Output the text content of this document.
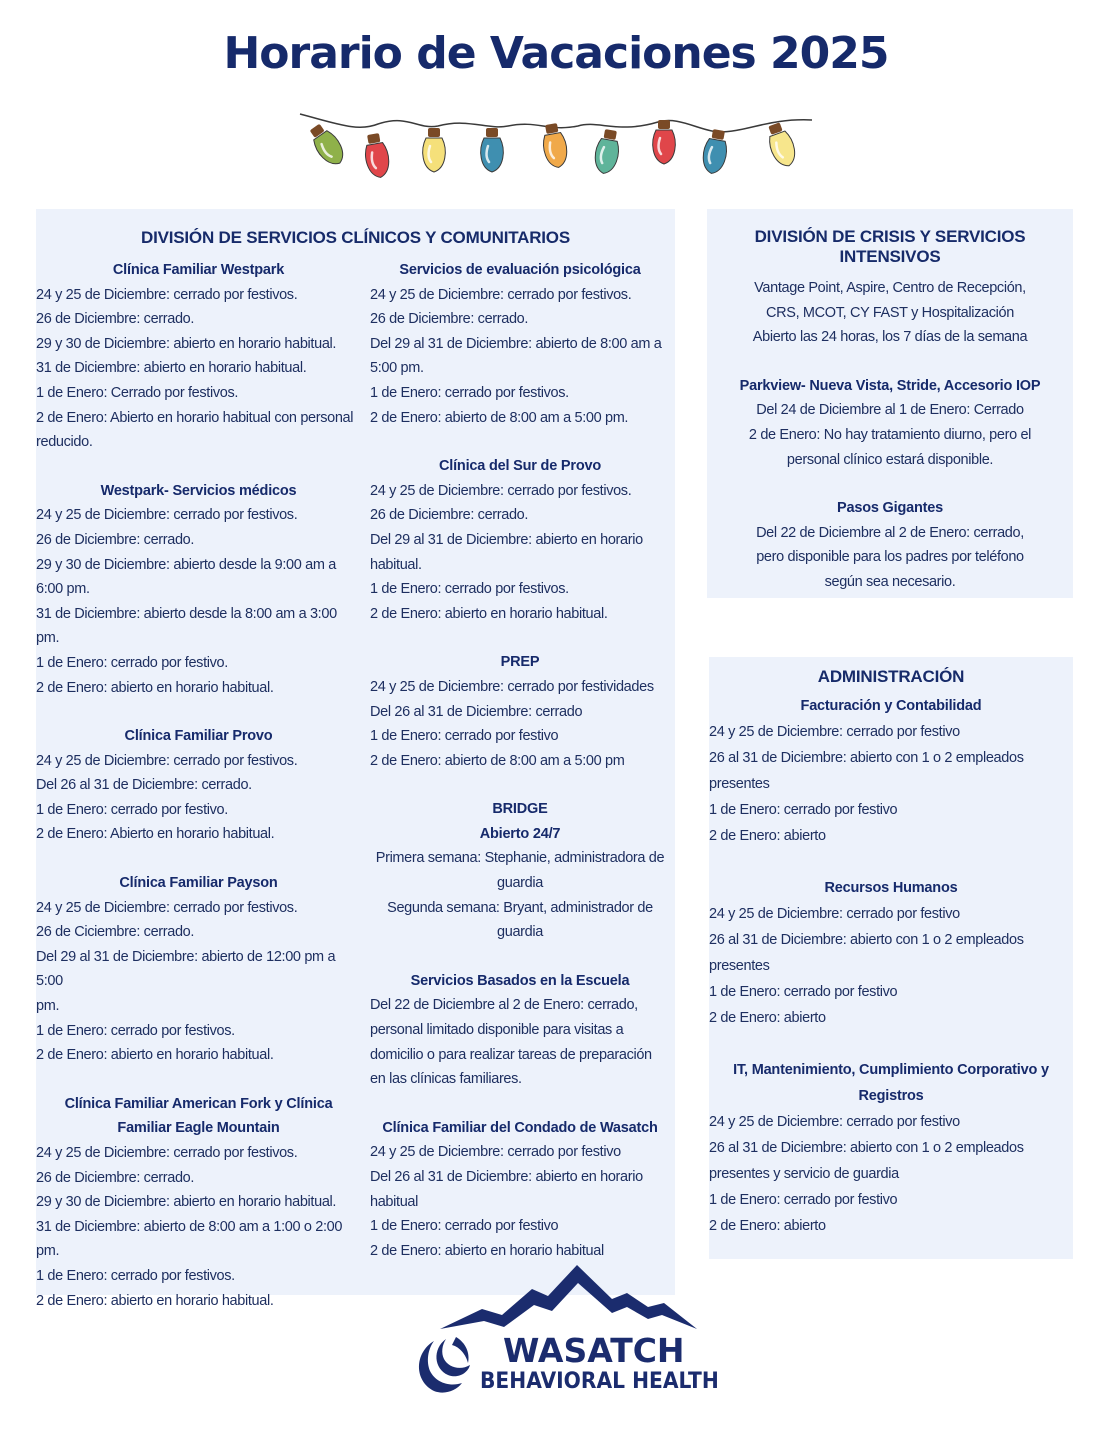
Horario de Vacaciones 2025
DIVISIÓN DE SERVICIOS CLÍNICOS Y COMUNITARIOS
Clínica Familiar Westpark
24 y 25 de Diciembre: cerrado por festivos.
26 de Diciembre: cerrado.
29 y 30 de Diciembre: abierto en horario habitual.
31 de Diciembre: abierto en horario habitual.
1 de Enero: Cerrado por festivos.
2 de Enero: Abierto en horario habitual con personal
reducido.
Westpark- Servicios médicos
24 y 25 de Diciembre: cerrado por festivos.
26 de Diciembre: cerrado.
29 y 30 de Diciembre: abierto desde la 9:00 am a
6:00 pm.
31 de Diciembre: abierto desde la 8:00 am a 3:00
pm.
1 de Enero: cerrado por festivo.
2 de Enero: abierto en horario habitual.
Clínica Familiar Provo
24 y 25 de Diciembre: cerrado por festivos.
Del 26 al 31 de Diciembre: cerrado.
1 de Enero: cerrado por festivo.
2 de Enero: Abierto en horario habitual.
Clínica Familiar Payson
24 y 25 de Diciembre: cerrado por festivos.
26 de Ciciembre: cerrado.
Del 29 al 31 de Diciembre: abierto de 12:00 pm a 5:00
pm.
1 de Enero: cerrado por festivos.
2 de Enero: abierto en horario habitual.
Clínica Familiar American Fork y Clínica Familiar Eagle Mountain
24 y 25 de Diciembre: cerrado por festivos.
26 de Diciembre: cerrado.
29 y 30 de Diciembre: abierto en horario habitual.
31 de Diciembre: abierto de 8:00 am a 1:00 o 2:00
pm.
1 de Enero: cerrado por festivos.
2 de Enero: abierto en horario habitual.
Servicios de evaluación psicológica
24 y 25 de Diciembre: cerrado por festivos.
26 de Diciembre: cerrado.
Del 29 al 31 de Diciembre: abierto de 8:00 am a
5:00 pm.
1 de Enero: cerrado por festivos.
2 de Enero: abierto de 8:00 am a 5:00 pm.
Clínica del Sur de Provo
24 y 25 de Diciembre: cerrado por festivos.
26 de Diciembre: cerrado.
Del 29 al 31 de Diciembre: abierto en horario
habitual.
1 de Enero: cerrado por festivos.
2 de Enero: abierto en horario habitual.
PREP
24 y 25 de Diciembre: cerrado por festividades
Del 26 al 31 de Diciembre: cerrado
1 de Enero: cerrado por festivo
2 de Enero: abierto de 8:00 am a 5:00 pm
BRIDGE
Abierto 24/7
Primera semana: Stephanie, administradora de
guardia
Segunda semana: Bryant, administrador de
guardia
Servicios Basados en la Escuela
Del 22 de Diciembre al 2 de Enero: cerrado,
personal limitado disponible para visitas a
domicilio o para realizar tareas de preparación
en las clínicas familiares.
Clínica Familiar del Condado de Wasatch
24 y 25 de Diciembre: cerrado por festivo
Del 26 al 31 de Diciembre: abierto en horario
habitual
1 de Enero: cerrado por festivo
2 de Enero: abierto en horario habitual
DIVISIÓN DE CRISIS Y SERVICIOS INTENSIVOS
Vantage Point, Aspire, Centro de Recepción,
CRS, MCOT, CY FAST y Hospitalización
Abierto las 24 horas, los 7 días de la semana
Parkview- Nueva Vista, Stride, Accesorio IOP
Del 24 de Diciembre al 1 de Enero: Cerrado
2 de Enero: No hay tratamiento diurno, pero el
personal clínico estará disponible.
Pasos Gigantes
Del 22 de Diciembre al 2 de Enero: cerrado,
pero disponible para los padres por teléfono
según sea necesario.
ADMINISTRACIÓN
Facturación y Contabilidad
24 y 25 de Diciembre: cerrado por festivo
26 al 31 de Diciembre: abierto con 1 o 2 empleados
presentes
1 de Enero: cerrado por festivo
2 de Enero: abierto
Recursos Humanos
24 y 25 de Diciembre: cerrado por festivo
26 al 31 de Diciembre: abierto con 1 o 2 empleados
presentes
1 de Enero: cerrado por festivo
2 de Enero: abierto
IT, Mantenimiento, Cumplimiento Corporativo y Registros
24 y 25 de Diciembre: cerrado por festivo
26 al 31 de Diciembre: abierto con 1 o 2 empleados
presentes y servicio de guardia
1 de Enero: cerrado por festivo
2 de Enero: abierto
WASATCH
BEHAVIORAL HEALTH
